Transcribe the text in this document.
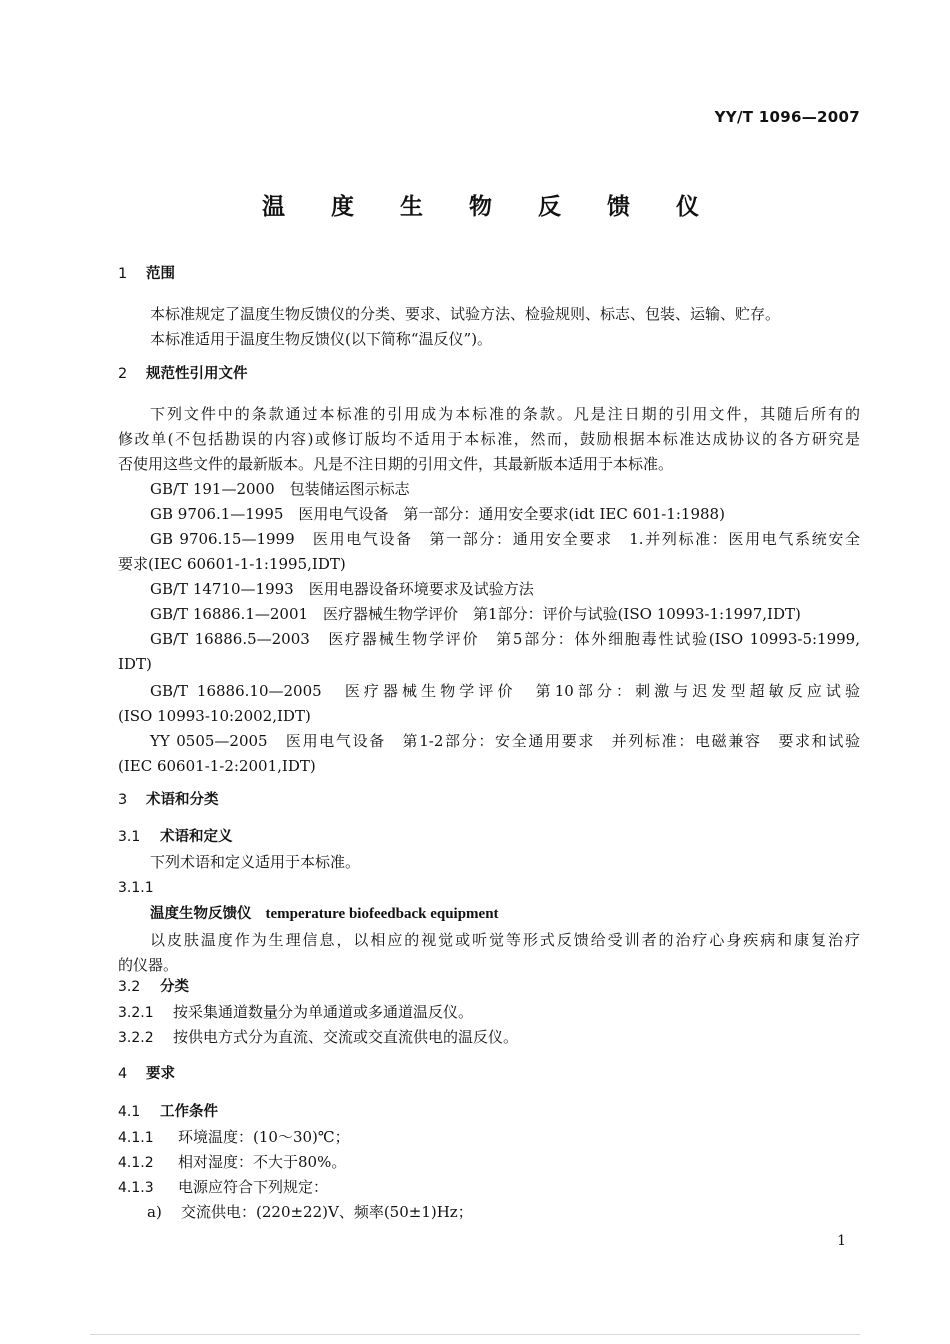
YY/T 1096—2007
温 度 生 物 反 馈 仪
1 范围
本标准规定了温度生物反馈仪的分类、要求、试验方法、检验规则、标志、包装、运输、贮存。
本标准适用于温度生物反馈仪(以下简称“温反仪”)。
2 规范性引用文件
下列文件中的条款通过本标准的引用成为本标准的条款。凡是注日期的引用文件，其随后所有的
修改单(不包括勘误的内容)或修订版均不适用于本标准，然而，鼓励根据本标准达成协议的各方研究是
否使用这些文件的最新版本。凡是不注日期的引用文件，其最新版本适用于本标准。
GB/T 191—2000　包装储运图示标志
GB 9706.1—1995　医用电气设备　第一部分：通用安全要求(idt IEC 601-1:1988)
GB 9706.15—1999　医用电气设备　第一部分：通用安全要求　1.并列标准：医用电气系统安全
要求(IEC 60601-1-1:1995,IDT)
GB/T 14710—1993　医用电器设备环境要求及试验方法
GB/T 16886.1—2001　医疗器械生物学评价　第1部分：评价与试验(ISO 10993-1:1997,IDT)
GB/T 16886.5—2003　医疗器械生物学评价　第5部分：体外细胞毒性试验(ISO 10993-5:1999,
IDT)
GB/T 16886.10—2005　医疗器械生物学评价　第10部分：刺激与迟发型超敏反应试验
(ISO 10993-10:2002,IDT)
YY 0505—2005　医用电气设备　第1-2部分：安全通用要求　并列标准：电磁兼容　要求和试验
(IEC 60601-1-2:2001,IDT)
3 术语和分类
3.1 术语和定义
下列术语和定义适用于本标准。
3.1.1
温度生物反馈仪 temperature biofeedback equipment
以皮肤温度作为生理信息，以相应的视觉或听觉等形式反馈给受训者的治疗心身疾病和康复治疗
的仪器。
3.2 分类
3.2.1 按采集通道数量分为单通道或多通道温反仪。
3.2.2 按供电方式分为直流、交流或交直流供电的温反仪。
4 要求
4.1 工作条件
4.1.1 环境温度：(10～30)℃；
4.1.2 相对湿度：不大于80%。
4.1.3 电源应符合下列规定：
a) 交流供电：(220±22)V、频率(50±1)Hz；
1
